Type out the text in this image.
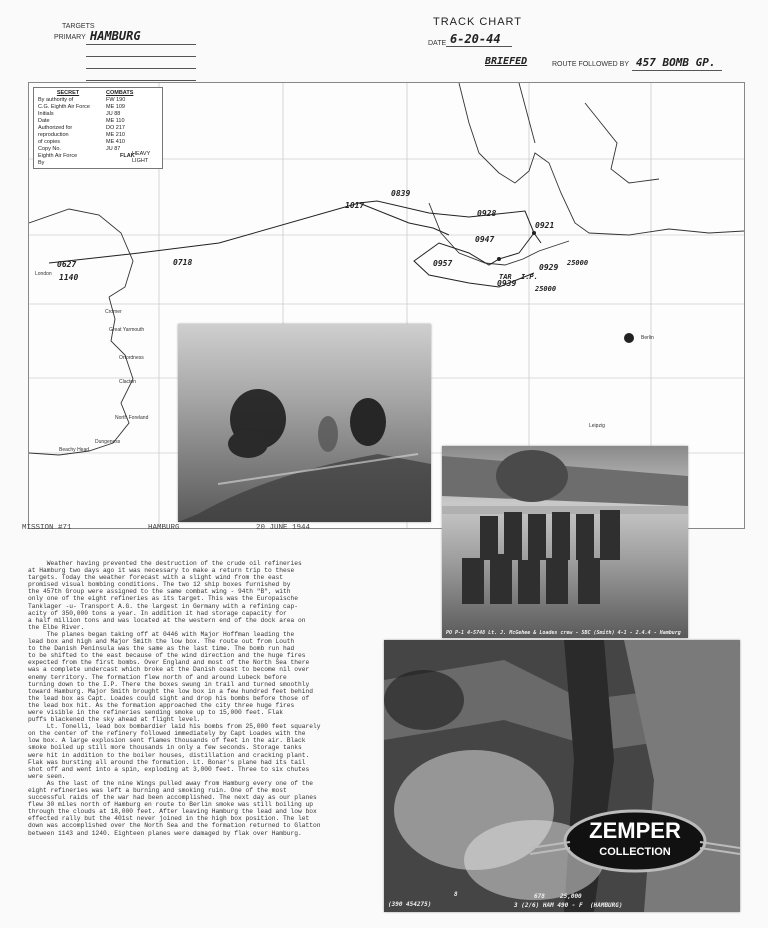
TARGETS
PRIMARY HAMBURG
TRACK CHART
DATE 6-20-44
BRIEFED	ROUTE FOLLOWED BY 457 BOMB GP.
SECRET
By authority of
C.G. Eighth Air Force
Initials
Date
Authorized for
reproduction
of copies
Copy No.
Eighth Air Force
By
COMBATS
FW 190
ME 109
JU 88
ME 110
DO 217
ME 210
ME 410
JU 87
FLAK
HEAVY
LIGHT
0627
1140
0718
1017
0839
0928
0921
0947
0957	0929
0939
25000
25000
TAR I.P.
London
Cromer
Great Yarmouth
Orfordness
Clacton
North Foreland
Dungeness
Beachy Head
Berlin
Leipzig
PO P-1 4-5748 Lt. J. McGehee & Loades crew - 5BC (Smith) 4-1 - 2.4.4 - Hamburg
(390 454275)
8	678	25,000
3 (2/6) HAM 490 - F (HAMBURG)
MISSION #71	HAMBURG	20 JUNE 1944
Weather having prevented the destruction of the crude oil refineries
at Hamburg two days ago it was necessary to make a return trip to these
targets. Today the weather forecast with a slight wind from the east
promised visual bombing conditions. The two 12 ship boxes furnished by
the 457th Group were assigned to the same combat wing - 94th "B", with
only one of the eight refineries as its target. This was the Europaische
Tanklager -u- Transport A.G. the largest in Germany with a refining cap-
acity of 350,000 tons a year. In addition it had storage capacity for
a half million tons and was located at the western end of the dock area on
the Elbe River.
The planes began taking off at 0446 with Major Hoffman leading the
lead box and high and Major Smith the low box. The route out from Louth
to the Danish Peninsula was the same as the last time. The bomb run had
to be shifted to the east because of the wind direction and the huge fires
expected from the first bombs. Over England and most of the North Sea there
was a complete undercast which broke at the Danish coast to become nil over
enemy territory. The formation flew north of and around Lubeck before
turning down to the I.P. There the boxes swung in trail and turned smoothly
toward Hamburg. Major Smith brought the low box in a few hundred feet behind
the lead box as Capt. Loades could sight and drop his bombs before those of
the lead box hit. As the formation approached the city three huge fires
were visible in the refineries sending smoke up to 15,000 feet. Flak
puffs blackened the sky ahead at flight level.
Lt. Tonelli, lead box bombardier laid his bombs from 25,000 feet squarely
on the center of the refinery followed immediately by Capt Loades with the
low box. A large explosion sent flames thousands of feet in the air. Black
smoke boiled up still more thousands in only a few seconds. Storage tanks
were hit in addition to the boiler houses, distillation and cracking plant.
Flak was bursting all around the formation. Lt. Bonar's plane had its tail
shot off and went into a spin, exploding at 3,000 feet. Three to six chutes
were seen.
As the last of the nine Wings pulled away from Hamburg every one of the
eight refineries was left a burning and smoking ruin. One of the most
successful raids of the war had been accomplished. The next day as our planes
flew 30 miles north of Hamburg en route to Berlin smoke was still boiling up
through the clouds at 18,000 feet. After leaving Hamburg the lead and low box
effected rally but the 401st never joined in the high box position. The let
down was accomplished over the North Sea and the formation returned to Glatton
between 1143 and 1240. Eighteen planes were damaged by flak over Hamburg.	ZEMPER
COLLECTION
